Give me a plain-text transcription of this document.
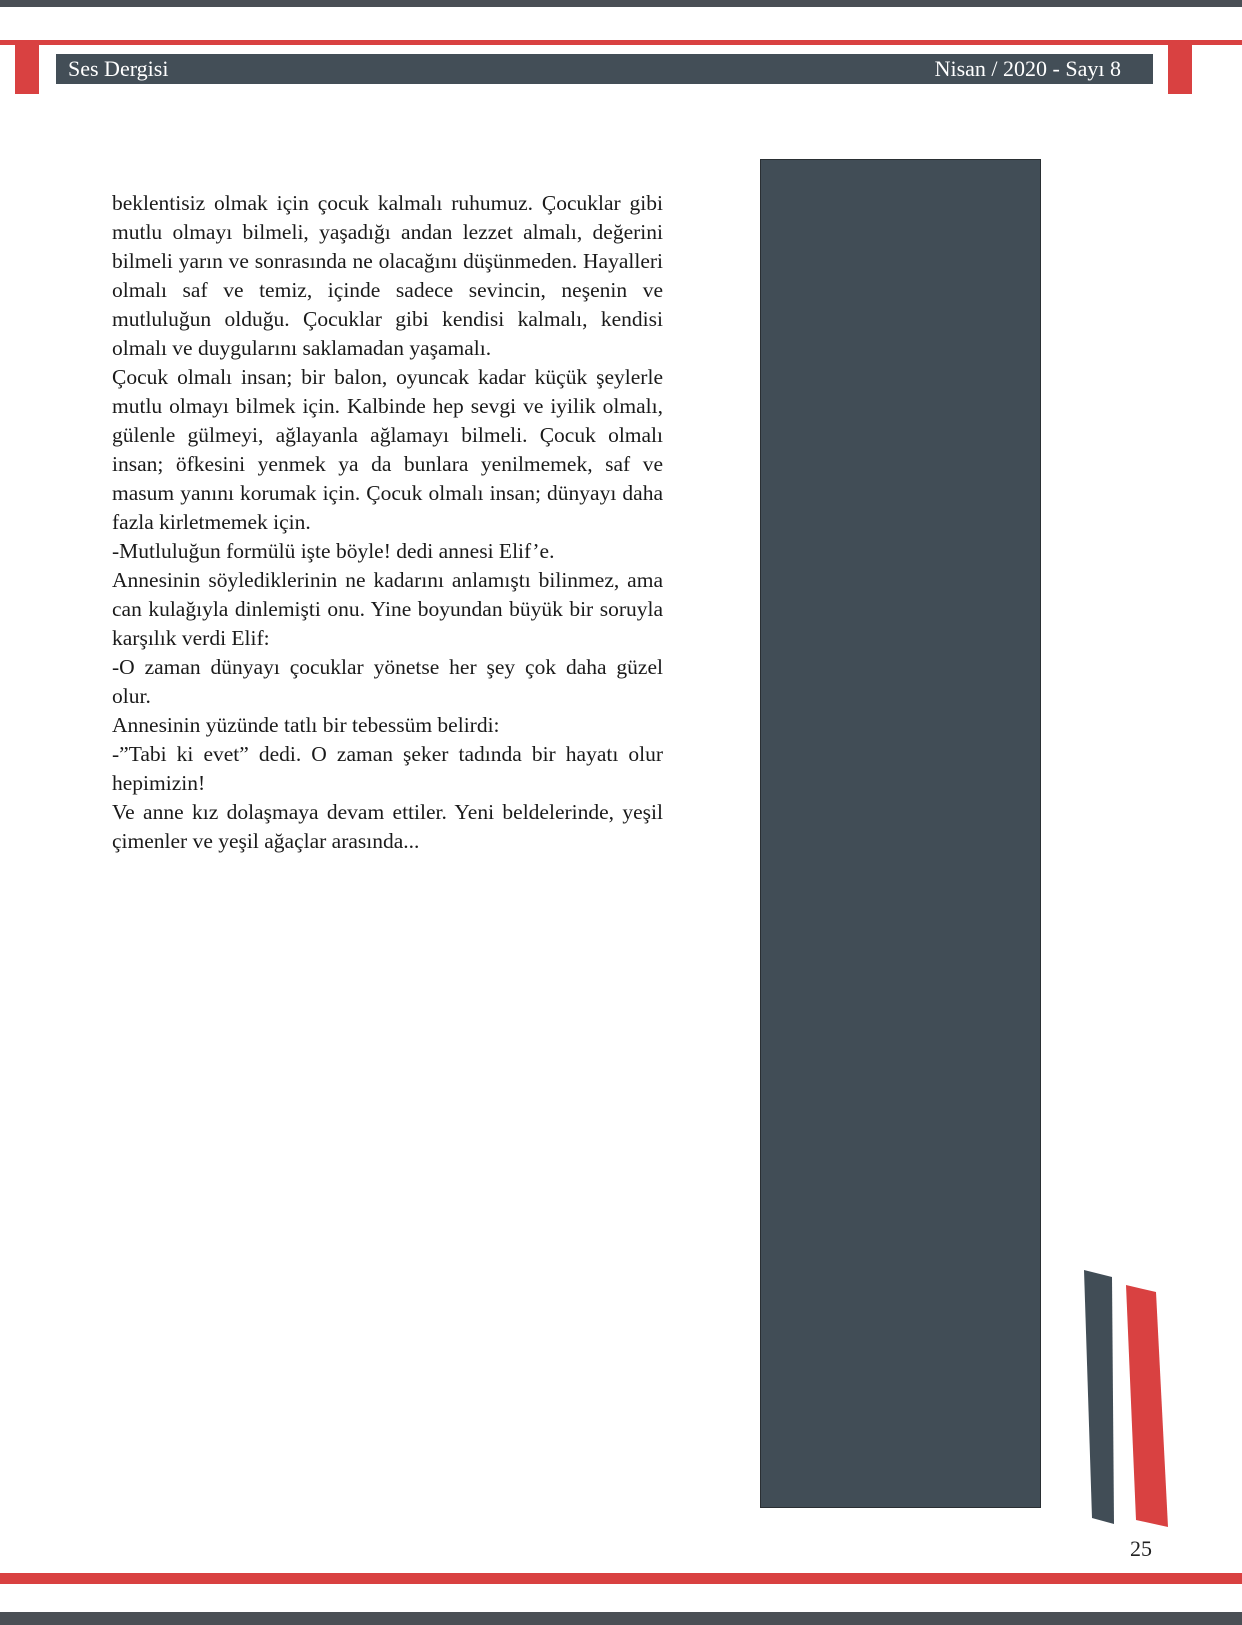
Ses Dergisi	Nisan / 2020 - Sayı 8

beklentisiz olmak için çocuk kalmalı ruhumuz. Çocuklar gibi mutlu olmayı bilmeli, yaşadığı andan lezzet almalı, değerini bilmeli yarın ve sonrasında ne olacağını düşünmeden. Hayalleri olmalı saf ve temiz, içinde sadece sevincin, neşenin ve mutluluğun olduğu. Çocuklar gibi kendisi kalmalı, kendisi olmalı ve duygularını saklamadan yaşamalı.

Çocuk olmalı insan; bir balon, oyuncak kadar küçük şeylerle mutlu olmayı bilmek için. Kalbinde hep sevgi ve iyilik olmalı, gülenle gülmeyi, ağlayanla ağlamayı bilmeli. Çocuk olmalı insan; öfkesini yenmek ya da bunlara yenilmemek, saf ve masum yanını korumak için. Çocuk olmalı insan; dünyayı daha fazla kirletmemek için.

-Mutluluğun formülü işte böyle! dedi annesi Elif’e.

Annesinin söylediklerinin ne kadarını anlamıştı bilinmez, ama can kulağıyla dinlemişti onu. Yine boyundan büyük bir soruyla karşılık verdi Elif:

-O zaman dünyayı çocuklar yönetse her şey çok daha güzel olur.

Annesinin yüzünde tatlı bir tebessüm belirdi:

-”Tabi ki evet” dedi. O zaman şeker tadında bir hayatı olur hepimizin!

Ve anne kız dolaşmaya devam ettiler. Yeni beldelerinde, yeşil çimenler ve yeşil ağaçlar arasında...

25
